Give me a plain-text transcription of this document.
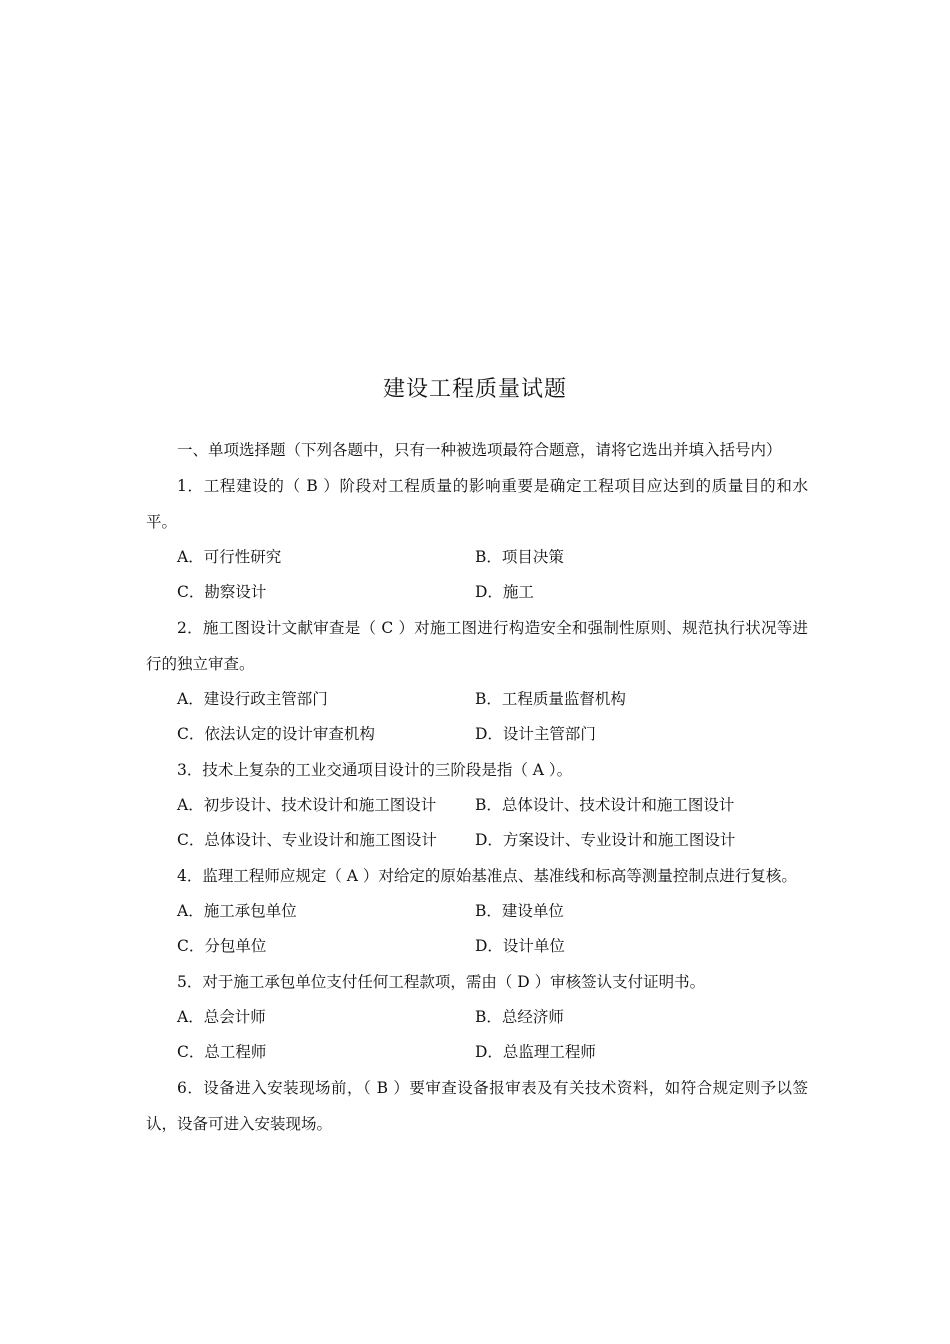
建设工程质量试题

一、单项选择题（下列各题中，只有一种被选项最符合题意，请将它选出并填入括号内）

1．工程建设的（ B ）阶段对工程质量的影响重要是确定工程项目应达到的质量目的和水平。

A．可行性研究	B．项目决策
C．勘察设计	D．施工

2．施工图设计文献审查是（ C ）对施工图进行构造安全和强制性原则、规范执行状况等进行的独立审查。

A．建设行政主管部门	B．工程质量监督机构
C．依法认定的设计审查机构	D．设计主管部门

3．技术上复杂的工业交通项目设计的三阶段是指（ A ）。

A．初步设计、技术设计和施工图设计	B．总体设计、技术设计和施工图设计
C．总体设计、专业设计和施工图设计	D．方案设计、专业设计和施工图设计

4．监理工程师应规定（ A ）对给定的原始基准点、基准线和标高等测量控制点进行复核。

A．施工承包单位	B．建设单位
C．分包单位	D．设计单位

5．对于施工承包单位支付任何工程款项，需由（ D ）审核签认支付证明书。

A．总会计师	B．总经济师
C．总工程师	D．总监理工程师

6．设备进入安装现场前，（ B ）要审查设备报审表及有关技术资料，如符合规定则予以签认，设备可进入安装现场。
